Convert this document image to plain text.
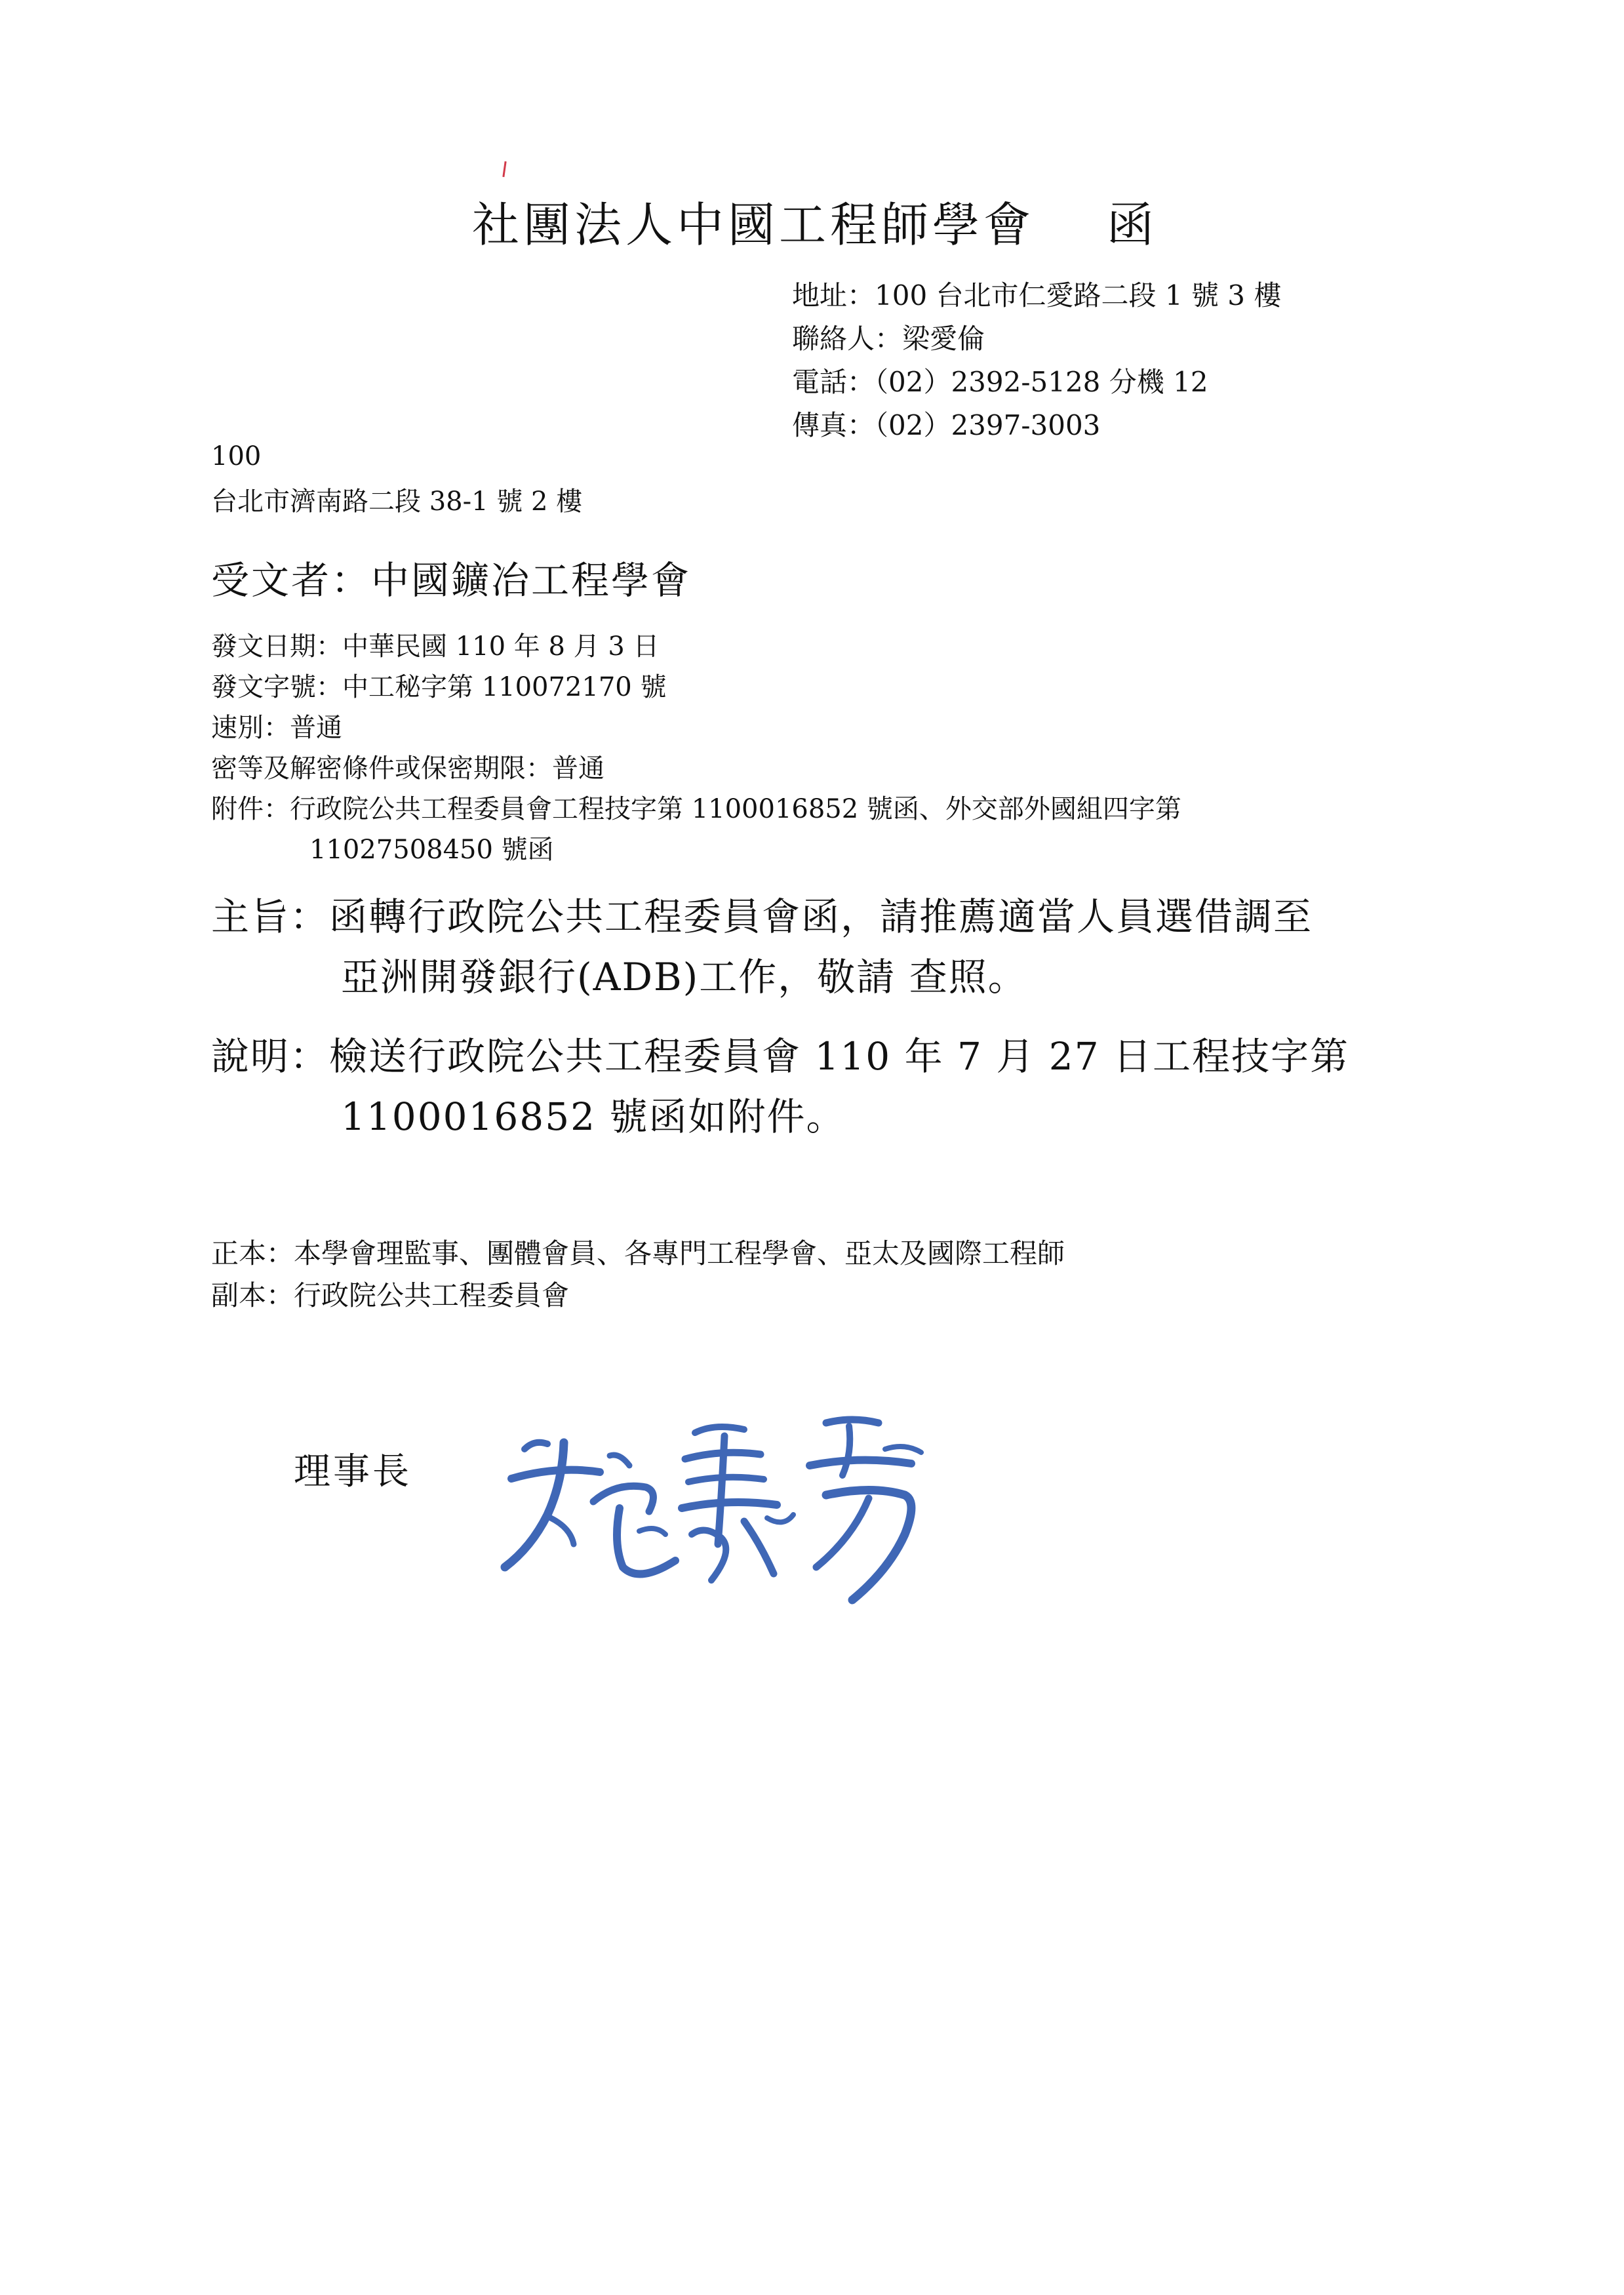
社團法人中國工程師學會 函
地址：100 台北市仁愛路二段 1 號 3 樓
聯絡人：梁愛倫
電話：（02）2392-5128 分機 12
傳真：（02）2397-3003
100
台北市濟南路二段 38-1 號 2 樓
受文者：中國鑛冶工程學會
發文日期：中華民國 110 年 8 月 3 日
發文字號：中工秘字第 110072170 號
速別：普通
密等及解密條件或保密期限：普通
附件：行政院公共工程委員會工程技字第 1100016852 號函、外交部外國組四字第
11027508450 號函
主旨：函轉行政院公共工程委員會函，請推薦適當人員選借調至
亞洲開發銀行(ADB)工作，敬請 查照。
說明：檢送行政院公共工程委員會 110 年 7 月 27 日工程技字第
1100016852 號函如附件。
正本：本學會理監事、團體會員、各專門工程學會、亞太及國際工程師
副本：行政院公共工程委員會
理事長
